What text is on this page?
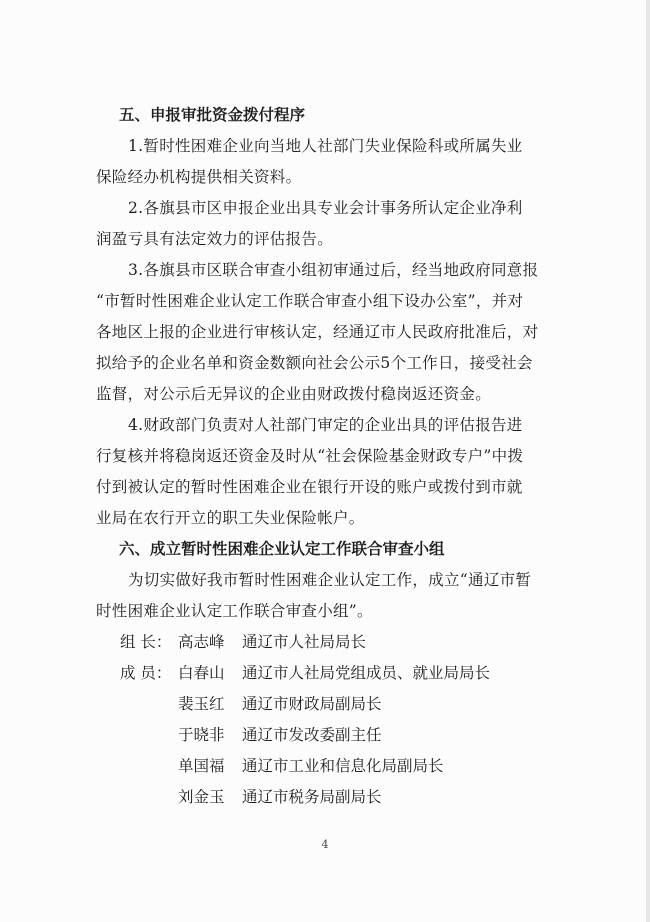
五、申报审批资金拨付程序

1.暂时性困难企业向当地人社部门失业保险科或所属失业
保险经办机构提供相关资料。

2.各旗县市区申报企业出具专业会计事务所认定企业净利
润盈亏具有法定效力的评估报告。

3.各旗县市区联合审查小组初审通过后，经当地政府同意报
“市暂时性困难企业认定工作联合审查小组下设办公室”，并对
各地区上报的企业进行审核认定，经通辽市人民政府批准后，对
拟给予的企业名单和资金数额向社会公示5个工作日，接受社会
监督，对公示后无异议的企业由财政拨付稳岗返还资金。

4.财政部门负责对人社部门审定的企业出具的评估报告进
行复核并将稳岗返还资金及时从“社会保险基金财政专户”中拨
付到被认定的暂时性困难企业在银行开设的账户或拨付到市就
业局在农行开立的职工失业保险帐户。

六、成立暂时性困难企业认定工作联合审查小组

为切实做好我市暂时性困难企业认定工作，成立“通辽市暂
时性困难企业认定工作联合审查小组”。

组 长： 高志峰	通辽市人社局局长
成 员： 白春山	通辽市人社局党组成员、就业局局长
裴玉红	通辽市财政局副局长
于晓非	通辽市发改委副主任
单国福	通辽市工业和信息化局副局长
刘金玉	通辽市税务局副局长
4
